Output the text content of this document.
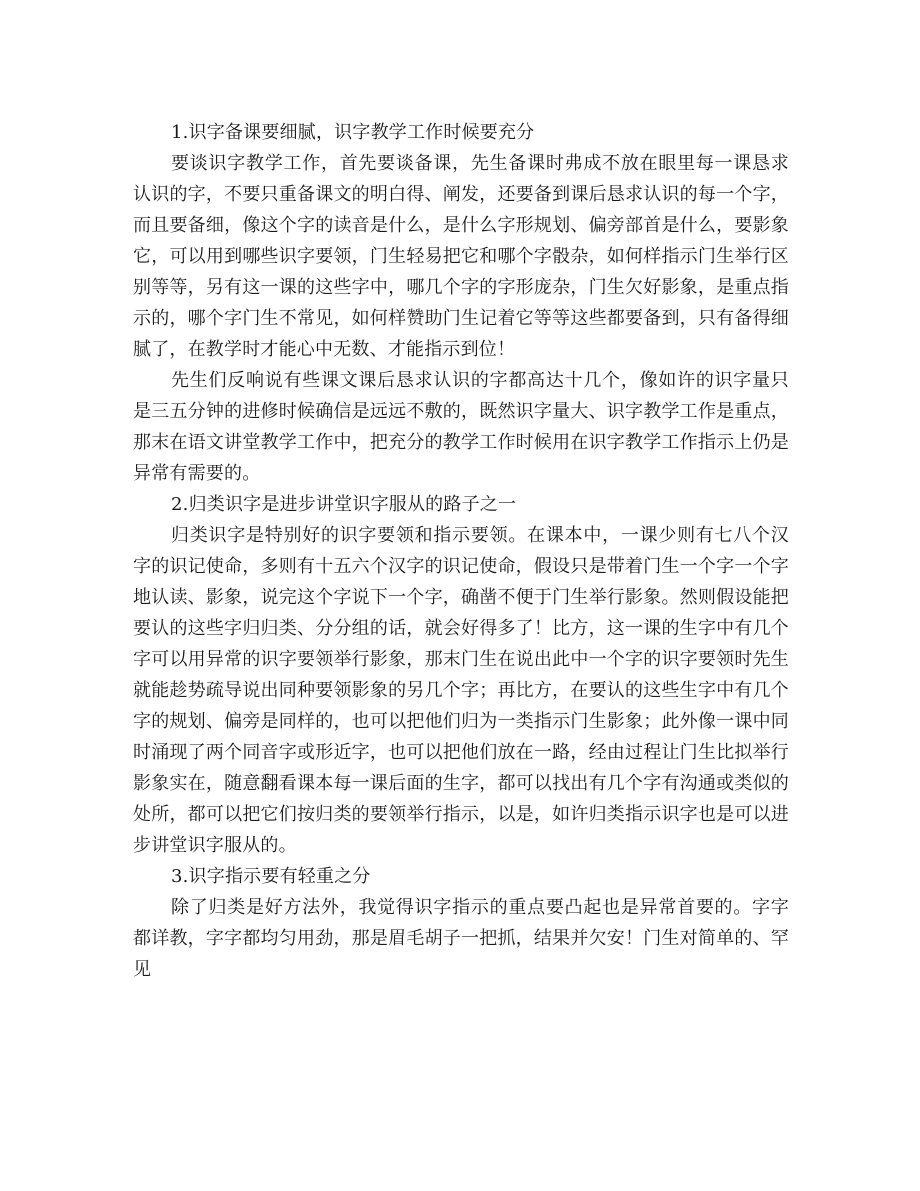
1.识字备课要细腻，识字教学工作时候要充分

要谈识字教学工作，首先要谈备课，先生备课时弗成不放在眼里每一课恳求认识的字，不要只重备课文的明白得、阐发，还要备到课后恳求认识的每一个字，而且要备细，像这个字的读音是什么，是什么字形规划、偏旁部首是什么，要影象它，可以用到哪些识字要领，门生轻易把它和哪个字骰杂，如何样指示门生举行区别等等，另有这一课的这些字中，哪几个字的字形庞杂，门生欠好影象，是重点指示的，哪个字门生不常见，如何样赞助门生记着它等等这些都要备到，只有备得细腻了，在教学时才能心中无数、才能指示到位！

先生们反响说有些课文课后恳求认识的字都高达十几个，像如许的识字量只是三五分钟的进修时候确信是远远不敷的，既然识字量大、识字教学工作是重点，那末在语文讲堂教学工作中，把充分的教学工作时候用在识字教学工作指示上仍是异常有需要的。

2.归类识字是进步讲堂识字服从的路子之一

归类识字是特别好的识字要领和指示要领。在课本中，一课少则有七八个汉字的识记使命，多则有十五六个汉字的识记使命，假设只是带着门生一个字一个字地认读、影象，说完这个字说下一个字，确凿不便于门生举行影象。然则假设能把要认的这些字归归类、分分组的话，就会好得多了！比方，这一课的生字中有几个字可以用异常的识字要领举行影象，那末门生在说出此中一个字的识字要领时先生就能趁势疏导说出同种要领影象的另几个字；再比方，在要认的这些生字中有几个字的规划、偏旁是同样的，也可以把他们归为一类指示门生影象；此外像一课中同时涌现了两个同音字或形近字，也可以把他们放在一路，经由过程让门生比拟举行影象实在，随意翻看课本每一课后面的生字，都可以找出有几个字有沟通或类似的处所，都可以把它们按归类的要领举行指示，以是，如许归类指示识字也是可以进步讲堂识字服从的。

3.识字指示要有轻重之分

除了归类是好方法外，我觉得识字指示的重点要凸起也是异常首要的。字字都详教，字字都均匀用劲，那是眉毛胡子一把抓，结果并欠安！门生对简单的、罕见
